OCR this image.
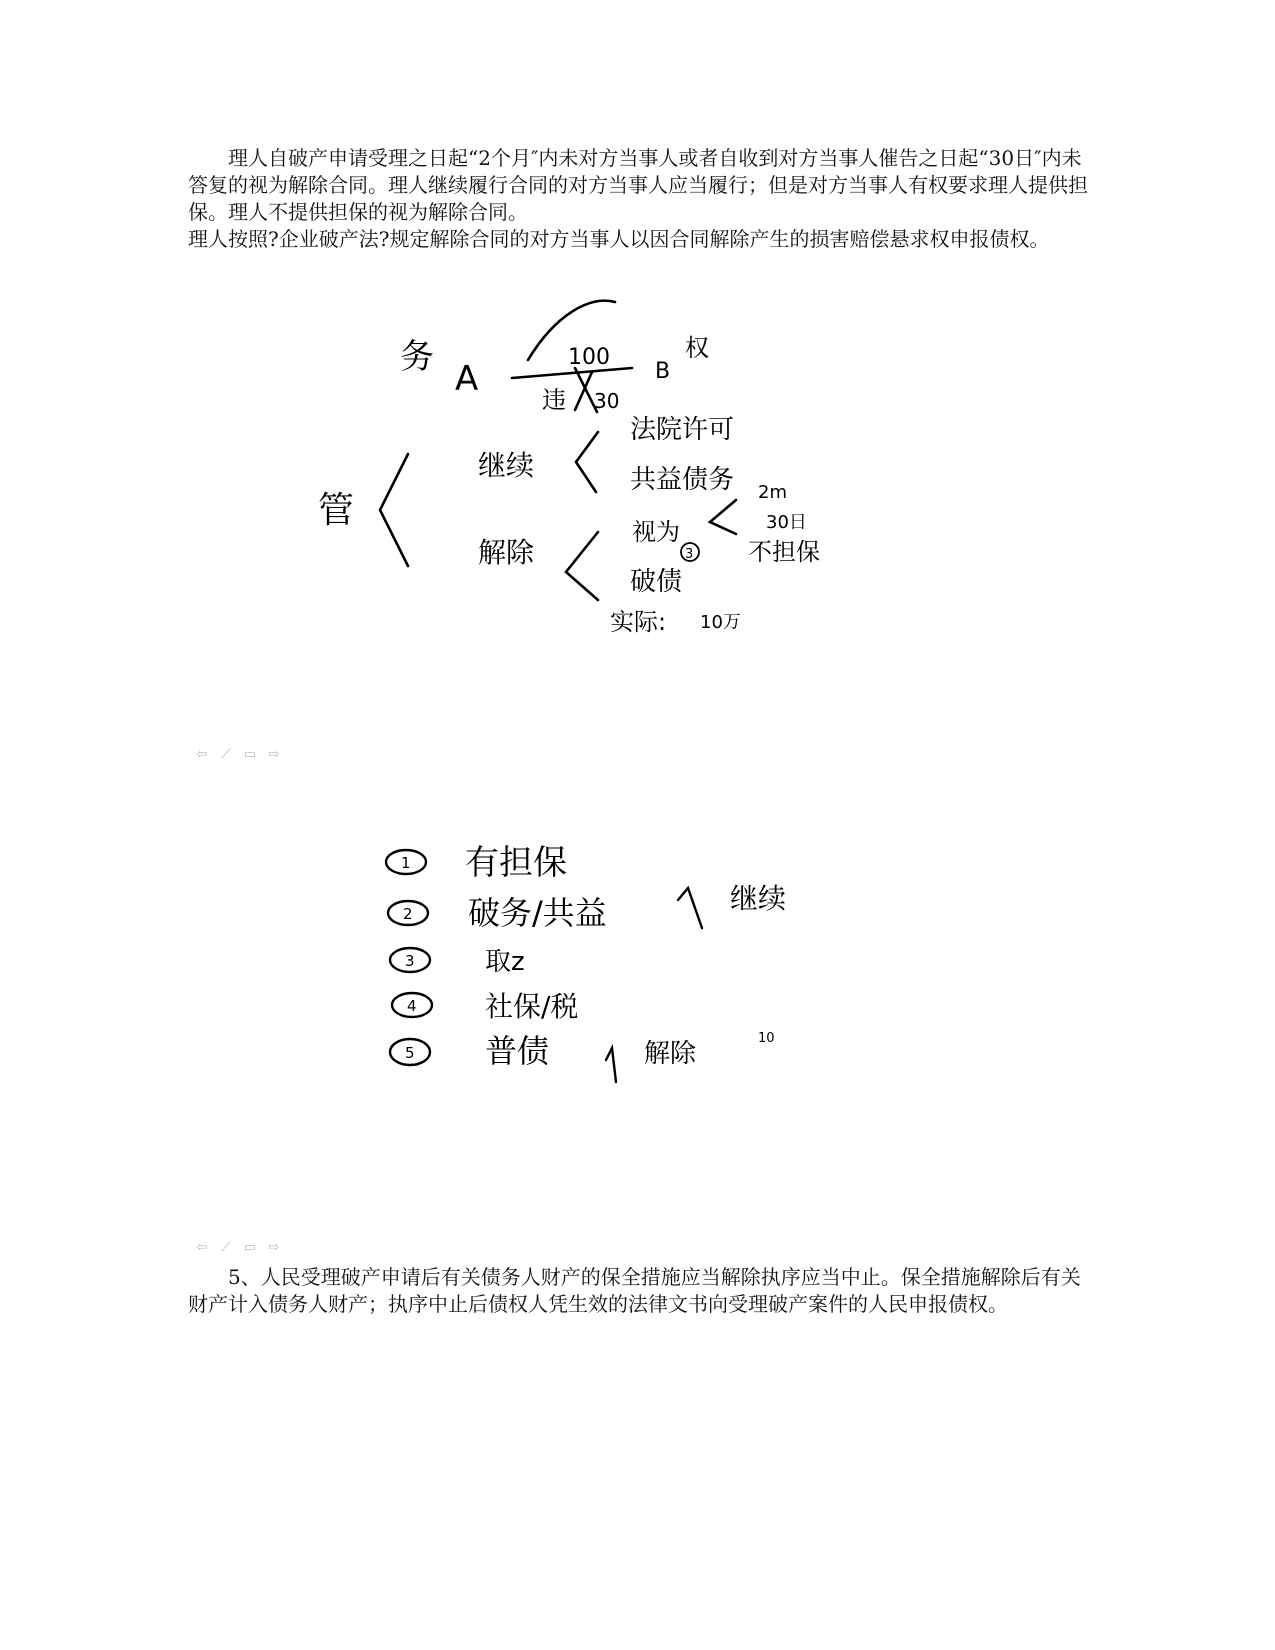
理人自破产申请受理之日起“2个月″内未对方当事人或者自收到对方当事人催告之日起“30日″内未答复的视为解除合同。理人继续履行合同的对方当事人应当履行；但是对方当事人有权要求理人提供担保。理人不提供担保的视为解除合同。

理人按照?企业破产法?规定解除合同的对方当事人以因合同解除产生的损害赔偿悬求权申报债权。

务
A
100
B
权
违 30
管
继续
解除
法院许可
共益债务
视为
3
2m
30日
不担保
破债
实际: 10万
⇦ ⟋ ▭ ⇨
1
2
3
4
5
有担保
破务/共益
取z
社保/税
普债
继续
解除
10
⇦ ⟋ ▭ ⇨

5、人民受理破产申请后有关债务人财产的保全措施应当解除执序应当中止。保全措施解除后有关财产计入债务人财产；执序中止后债权人凭生效的法律文书向受理破产案件的人民申报债权。
